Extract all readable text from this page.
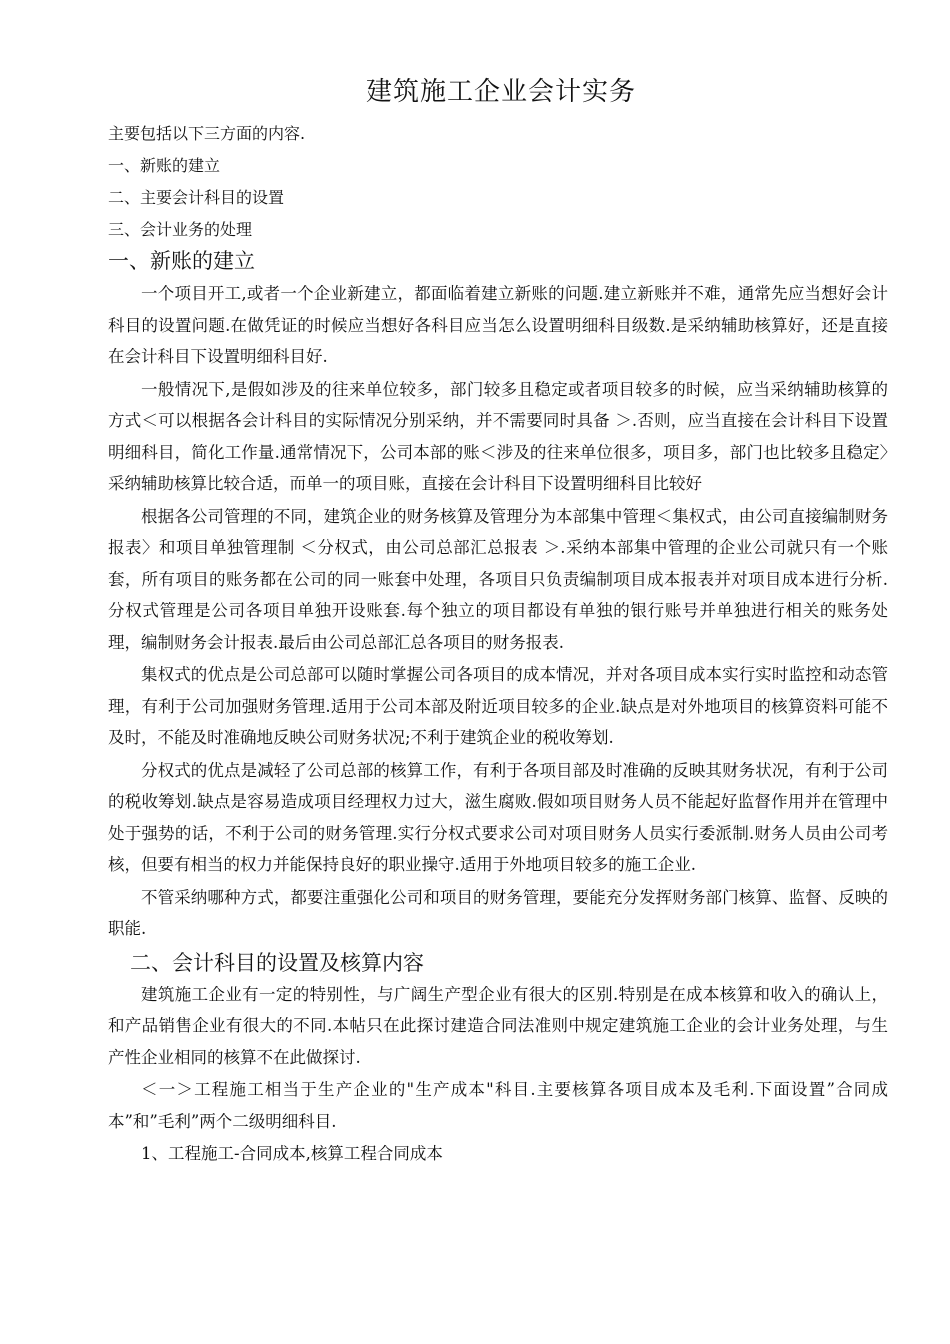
建筑施工企业会计实务

主要包括以下三方面的内容.

一、新账的建立

二、主要会计科目的设置

三、会计业务的处理

一、新账的建立

一个项目开工,或者一个企业新建立，都面临着建立新账的问题.建立新账并不难，通常先应当想好会计科目的设置问题.在做凭证的时候应当想好各科目应当怎么设置明细科目级数.是采纳辅助核算好，还是直接在会计科目下设置明细科目好.

一般情况下,是假如涉及的往来单位较多，部门较多且稳定或者项目较多的时候，应当采纳辅助核算的方式＜可以根据各会计科目的实际情况分别采纳，并不需要同时具备 ＞.否则，应当直接在会计科目下设置明细科目，简化工作量.通常情况下，公司本部的账＜涉及的往来单位很多，项目多，部门也比较多且稳定〉采纳辅助核算比较合适，而单一的项目账，直接在会计科目下设置明细科目比较好

根据各公司管理的不同，建筑企业的财务核算及管理分为本部集中管理＜集权式，由公司直接编制财务报表〉和项目单独管理制 ＜分权式，由公司总部汇总报表 ＞.采纳本部集中管理的企业公司就只有一个账套，所有项目的账务都在公司的同一账套中处理，各项目只负责编制项目成本报表并对项目成本进行分析.分权式管理是公司各项目单独开设账套.每个独立的项目都设有单独的银行账号并单独进行相关的账务处理，编制财务会计报表.最后由公司总部汇总各项目的财务报表.

集权式的优点是公司总部可以随时掌握公司各项目的成本情况，并对各项目成本实行实时监控和动态管理，有利于公司加强财务管理.适用于公司本部及附近项目较多的企业.缺点是对外地项目的核算资料可能不及时，不能及时准确地反映公司财务状况;不利于建筑企业的税收筹划.

分权式的优点是减轻了公司总部的核算工作，有利于各项目部及时准确的反映其财务状况，有利于公司的税收筹划.缺点是容易造成项目经理权力过大，滋生腐败.假如项目财务人员不能起好监督作用并在管理中处于强势的话，不利于公司的财务管理.实行分权式要求公司对项目财务人员实行委派制.财务人员由公司考核，但要有相当的权力并能保持良好的职业操守.适用于外地项目较多的施工企业.

不管采纳哪种方式，都要注重强化公司和项目的财务管理，要能充分发挥财务部门核算、监督、反映的职能.

二、会计科目的设置及核算内容

建筑施工企业有一定的特别性，与广阔生产型企业有很大的区别.特别是在成本核算和收入的确认上，和产品销售企业有很大的不同.本帖只在此探讨建造合同法准则中规定建筑施工企业的会计业务处理，与生产性企业相同的核算不在此做探讨.

＜一＞工程施工相当于生产企业的"生产成本"科目.主要核算各项目成本及毛利.下面设置”合同成本”和”毛利”两个二级明细科目.

1、工程施工-合同成本,核算工程合同成本
